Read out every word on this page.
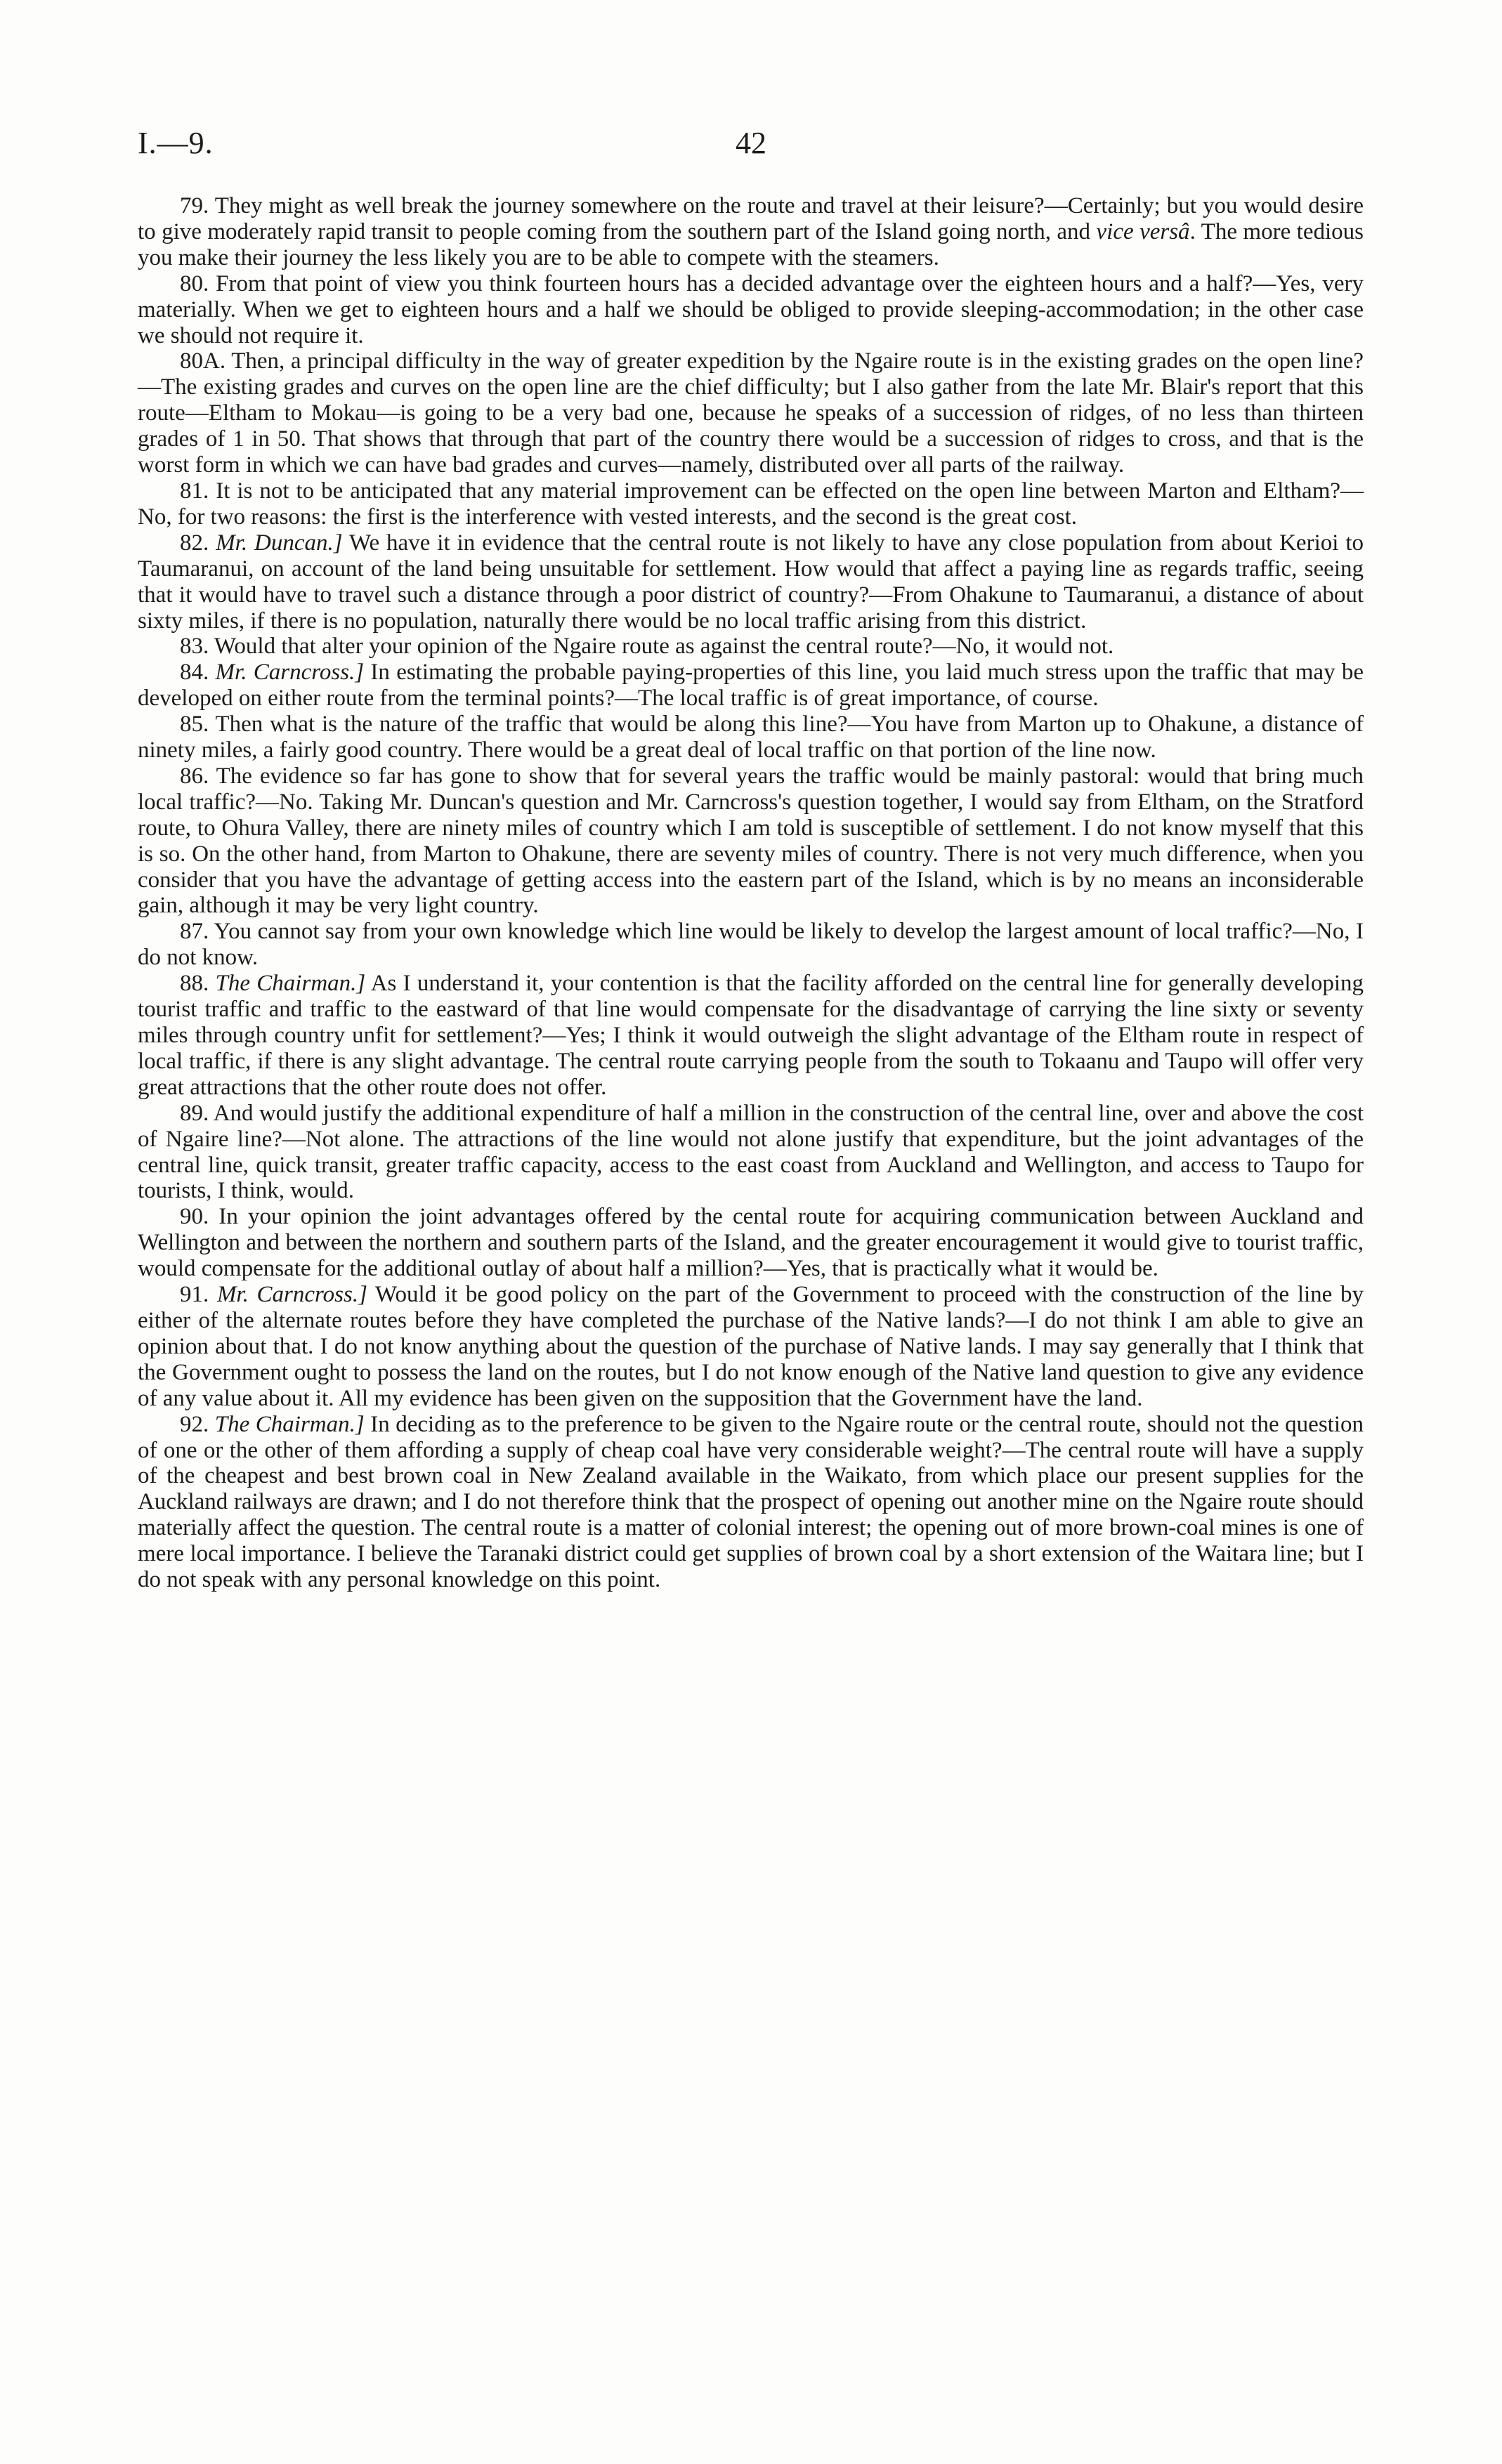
I.—9.	42

79. They might as well break the journey somewhere on the route and travel at their leisure?—Certainly; but you would desire to give moderately rapid transit to people coming from the southern part of the Island going north, and vice versâ. The more tedious you make their journey the less likely you are to be able to compete with the steamers.

80. From that point of view you think fourteen hours has a decided advantage over the eighteen hours and a half?—Yes, very materially. When we get to eighteen hours and a half we should be obliged to provide sleeping-accommodation; in the other case we should not require it.

80A. Then, a principal difficulty in the way of greater expedition by the Ngaire route is in the existing grades on the open line?—The existing grades and curves on the open line are the chief difficulty; but I also gather from the late Mr. Blair's report that this route—Eltham to Mokau—is going to be a very bad one, because he speaks of a succession of ridges, of no less than thirteen grades of 1 in 50. That shows that through that part of the country there would be a succession of ridges to cross, and that is the worst form in which we can have bad grades and curves—namely, distributed over all parts of the railway.

81. It is not to be anticipated that any material improvement can be effected on the open line between Marton and Eltham?—No, for two reasons: the first is the interference with vested interests, and the second is the great cost.

82. Mr. Duncan.] We have it in evidence that the central route is not likely to have any close population from about Kerioi to Taumaranui, on account of the land being unsuitable for settlement. How would that affect a paying line as regards traffic, seeing that it would have to travel such a distance through a poor district of country?—From Ohakune to Taumaranui, a distance of about sixty miles, if there is no population, naturally there would be no local traffic arising from this district.

83. Would that alter your opinion of the Ngaire route as against the central route?—No, it would not.

84. Mr. Carncross.] In estimating the probable paying-properties of this line, you laid much stress upon the traffic that may be developed on either route from the terminal points?—The local traffic is of great importance, of course.

85. Then what is the nature of the traffic that would be along this line?—You have from Marton up to Ohakune, a distance of ninety miles, a fairly good country. There would be a great deal of local traffic on that portion of the line now.

86. The evidence so far has gone to show that for several years the traffic would be mainly pastoral: would that bring much local traffic?—No. Taking Mr. Duncan's question and Mr. Carncross's question together, I would say from Eltham, on the Stratford route, to Ohura Valley, there are ninety miles of country which I am told is susceptible of settlement. I do not know myself that this is so. On the other hand, from Marton to Ohakune, there are seventy miles of country. There is not very much difference, when you consider that you have the advantage of getting access into the eastern part of the Island, which is by no means an inconsiderable gain, although it may be very light country.

87. You cannot say from your own knowledge which line would be likely to develop the largest amount of local traffic?—No, I do not know.

88. The Chairman.] As I understand it, your contention is that the facility afforded on the central line for generally developing tourist traffic and traffic to the eastward of that line would compensate for the disadvantage of carrying the line sixty or seventy miles through country unfit for settlement?—Yes; I think it would outweigh the slight advantage of the Eltham route in respect of local traffic, if there is any slight advantage. The central route carrying people from the south to Tokaanu and Taupo will offer very great attractions that the other route does not offer.

89. And would justify the additional expenditure of half a million in the construction of the central line, over and above the cost of Ngaire line?—Not alone. The attractions of the line would not alone justify that expenditure, but the joint advantages of the central line, quick transit, greater traffic capacity, access to the east coast from Auckland and Wellington, and access to Taupo for tourists, I think, would.

90. In your opinion the joint advantages offered by the cental route for acquiring communication between Auckland and Wellington and between the northern and southern parts of the Island, and the greater encouragement it would give to tourist traffic, would compensate for the additional outlay of about half a million?—Yes, that is practically what it would be.

91. Mr. Carncross.] Would it be good policy on the part of the Government to proceed with the construction of the line by either of the alternate routes before they have completed the purchase of the Native lands?—I do not think I am able to give an opinion about that. I do not know anything about the question of the purchase of Native lands. I may say generally that I think that the Government ought to possess the land on the routes, but I do not know enough of the Native land question to give any evidence of any value about it. All my evidence has been given on the supposition that the Government have the land.

92. The Chairman.] In deciding as to the preference to be given to the Ngaire route or the central route, should not the question of one or the other of them affording a supply of cheap coal have very considerable weight?—The central route will have a supply of the cheapest and best brown coal in New Zealand available in the Waikato, from which place our present supplies for the Auckland railways are drawn; and I do not therefore think that the prospect of opening out another mine on the Ngaire route should materially affect the question. The central route is a matter of colonial interest; the opening out of more brown-coal mines is one of mere local importance. I believe the Taranaki district could get supplies of brown coal by a short extension of the Waitara line; but I do not speak with any personal knowledge on this point.
